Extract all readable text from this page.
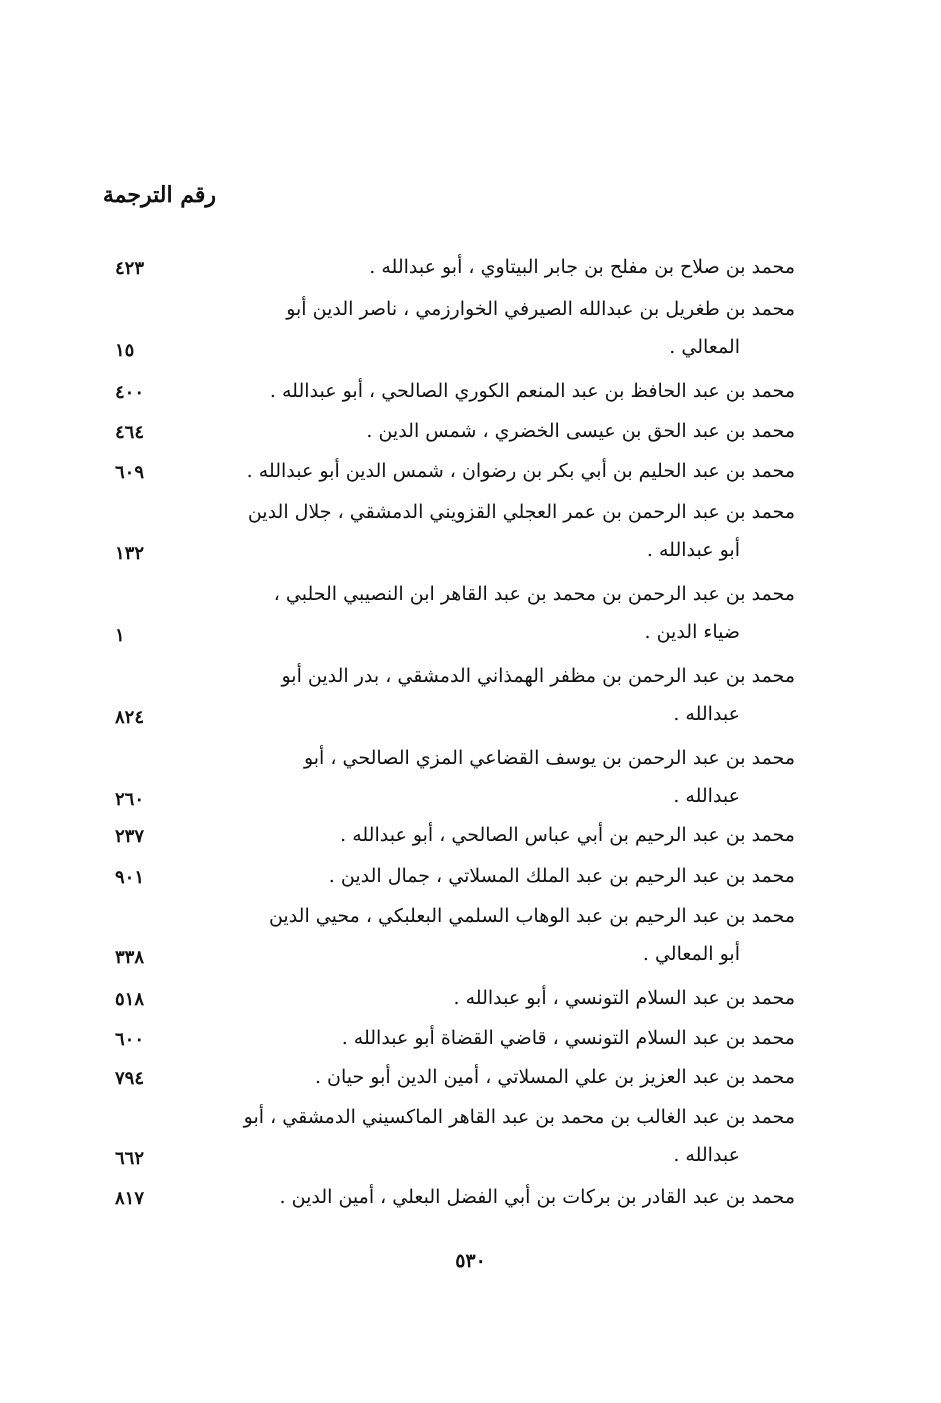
رقم الترجمة
محمد بن صلاح بن مفلح بن جابر البيتاوي ، أبو عبدالله .
٤٢٣
محمد بن طغريل بن عبدالله الصيرفي الخوارزمي ، ناصر الدين أبو
المعالي .
١٥
محمد بن عبد الحافظ بن عبد المنعم الكوري الصالحي ، أبو عبدالله .
٤٠٠
محمد بن عبد الحق بن عيسى الخضري ، شمس الدين .
٤٦٤
محمد بن عبد الحليم بن أبي بكر بن رضوان ، شمس الدين أبو عبدالله .
٦٠٩
محمد بن عبد الرحمن بن عمر العجلي القزويني الدمشقي ، جلال الدين
أبو عبدالله .
١٣٢
محمد بن عبد الرحمن بن محمد بن عبد القاهر ابن النصيبي الحلبي ،
ضياء الدين .
١
محمد بن عبد الرحمن بن مظفر الهمذاني الدمشقي ، بدر الدين أبو
عبدالله .
٨٢٤
محمد بن عبد الرحمن بن يوسف القضاعي المزي الصالحي ، أبو
عبدالله .
٢٦٠
محمد بن عبد الرحيم بن أبي عباس الصالحي ، أبو عبدالله .
٢٣٧
محمد بن عبد الرحيم بن عبد الملك المسلاتي ، جمال الدين .
٩٠١
محمد بن عبد الرحيم بن عبد الوهاب السلمي البعلبكي ، محيي الدين
أبو المعالي .
٣٣٨
محمد بن عبد السلام التونسي ، أبو عبدالله .
٥١٨
محمد بن عبد السلام التونسي ، قاضي القضاة أبو عبدالله .
٦٠٠
محمد بن عبد العزيز بن علي المسلاتي ، أمين الدين أبو حيان .
٧٩٤
محمد بن عبد الغالب بن محمد بن عبد القاهر الماكسيني الدمشقي ، أبو
عبدالله .
٦٦٢
محمد بن عبد القادر بن بركات بن أبي الفضل البعلي ، أمين الدين .
٨١٧
٥٣٠
